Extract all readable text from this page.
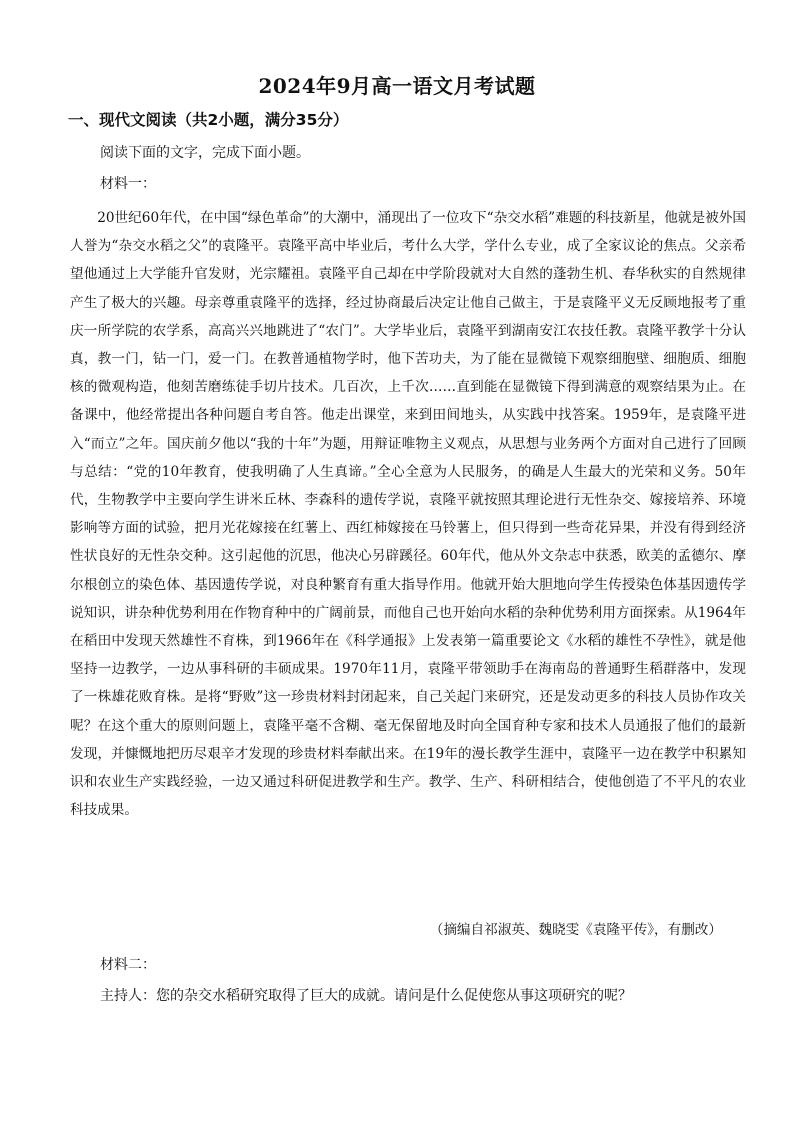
2024年9月高一语文月考试题
一、现代文阅读（共2小题，满分35分）
阅读下面的文字，完成下面小题。
材料一：

20世纪60年代，在中国“绿色革命”的大潮中，涌现出了一位攻下“杂交水稻”难题的科技新星，他就是被外国人誉为“杂交水稻之父”的袁隆平。袁隆平高中毕业后，考什么大学，学什么专业，成了全家议论的焦点。父亲希望他通过上大学能升官发财，光宗耀祖。袁隆平自己却在中学阶段就对大自然的蓬勃生机、春华秋实的自然规律产生了极大的兴趣。母亲尊重袁隆平的选择，经过协商最后决定让他自己做主，于是袁隆平义无反顾地报考了重庆一所学院的农学系，高高兴兴地跳进了“农门”。大学毕业后，袁隆平到湖南安江农技任教。袁隆平教学十分认真，教一门，钻一门，爱一门。在教普通植物学时，他下苦功夫，为了能在显微镜下观察细胞壁、细胞质、细胞核的微观构造，他刻苦磨练徒手切片技术。几百次，上千次……直到能在显微镜下得到满意的观察结果为止。在备课中，他经常提出各种问题自考自答。他走出课堂，来到田间地头，从实践中找答案。1959年，是袁隆平进入“而立”之年。国庆前夕他以“我的十年”为题，用辩证唯物主义观点，从思想与业务两个方面对自己进行了回顾与总结：“党的10年教育，使我明确了人生真谛。”全心全意为人民服务，的确是人生最大的光荣和义务。50年代，生物教学中主要向学生讲米丘林、李森科的遗传学说，袁隆平就按照其理论进行无性杂交、嫁接培养、环境影响等方面的试验，把月光花嫁接在红薯上、西红柿嫁接在马铃薯上，但只得到一些奇花异果，并没有得到经济性状良好的无性杂交种。这引起他的沉思，他决心另辟蹊径。60年代，他从外文杂志中获悉，欧美的孟德尔、摩尔根创立的染色体、基因遗传学说，对良种繁育有重大指导作用。他就开始大胆地向学生传授染色体基因遗传学说知识，讲杂种优势利用在作物育种中的广阔前景，而他自己也开始向水稻的杂种优势利用方面探索。从1964年在稻田中发现天然雄性不育株，到1966年在《科学通报》上发表第一篇重要论文《水稻的雄性不孕性》，就是他坚持一边教学，一边从事科研的丰硕成果。1970年11月，袁隆平带领助手在海南岛的普通野生稻群落中，发现了一株雄花败育株。是将“野败”这一珍贵材料封闭起来，自己关起门来研究，还是发动更多的科技人员协作攻关呢？在这个重大的原则问题上，袁隆平毫不含糊、毫无保留地及时向全国育种专家和技术人员通报了他们的最新发现，并慷慨地把历尽艰辛才发现的珍贵材料奉献出来。在19年的漫长教学生涯中，袁隆平一边在教学中积累知识和农业生产实践经验，一边又通过科研促进教学和生产。教学、生产、科研相结合，使他创造了不平凡的农业科技成果。

（摘编自祁淑英、魏晓雯《袁隆平传》，有删改）
材料二：
主持人：您的杂交水稻研究取得了巨大的成就。请问是什么促使您从事这项研究的呢？
